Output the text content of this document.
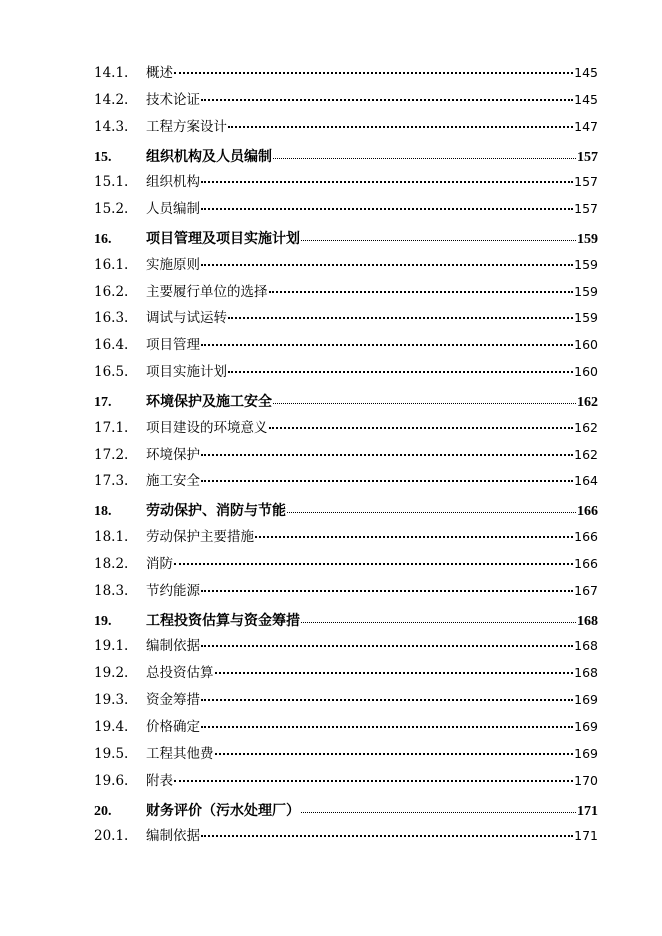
14.1.	概述	145
14.2.	技术论证	145
14.3.	工程方案设计	147
15.	组织机构及人员编制	157
15.1.	组织机构	157
15.2.	人员编制	157
16.	项目管理及项目实施计划	159
16.1.	实施原则	159
16.2.	主要履行单位的选择	159
16.3.	调试与试运转	159
16.4.	项目管理	160
16.5.	项目实施计划	160
17.	环境保护及施工安全	162
17.1.	项目建设的环境意义	162
17.2.	环境保护	162
17.3.	施工安全	164
18.	劳动保护、消防与节能	166
18.1.	劳动保护主要措施	166
18.2.	消防	166
18.3.	节约能源	167
19.	工程投资估算与资金筹措	168
19.1.	编制依据	168
19.2.	总投资估算	168
19.3.	资金筹措	169
19.4.	价格确定	169
19.5.	工程其他费	169
19.6.	附表	170
20.	财务评价（污水处理厂）	171
20.1.	编制依据	171
